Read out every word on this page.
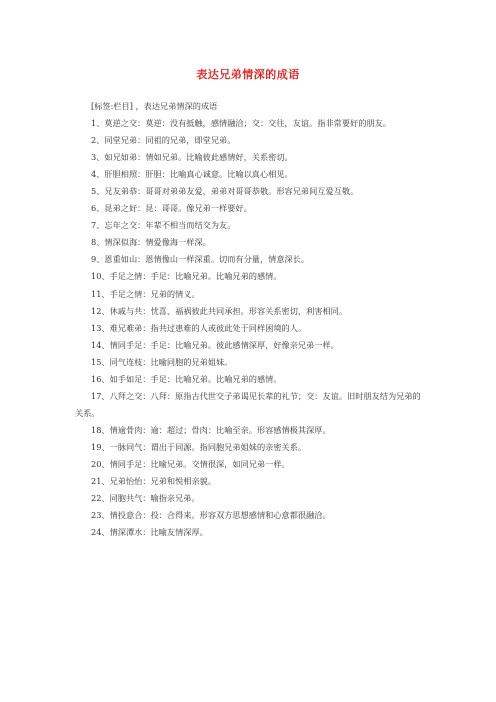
表达兄弟情深的成语

[标签:栏目] ，表达兄弟情深的成语

1、莫逆之交：莫逆：没有抵触，感情融洽；交：交往，友谊。指非常要好的朋友。

2、同堂兄弟：同祖的兄弟，即堂兄弟。

3、如兄如弟：情如兄弟。比喻彼此感情好，关系密切。

4、肝胆相照：肝胆：比喻真心诚意。比喻以真心相见。

5、兄友弟恭：哥哥对弟弟友爱，弟弟对哥哥恭敬。形容兄弟间互爱互敬。

6、昆弟之好：昆：哥哥。像兄弟一样要好。

7、忘年之交：年辈不相当而结交为友。

8、情深似海：情爱像海一样深。

9、恩重如山：恩情像山一样深重。切而有分量，情意深长。

10、手足之情：手足：比喻兄弟。比喻兄弟的感情。

11、手足之情：兄弟的情义。

12、休戚与共：忧喜、福祸彼此共同承担。形容关系密切，利害相同。

13、难兄难弟：指共过患难的人或彼此处于同样困境的人。

14、情同手足：手足：比喻兄弟。彼此感情深厚，好像亲兄弟一样。

15、同气连枝：比喻同胞的兄弟姐妹。

16、如手如足：手足：比喻兄弟。比喻兄弟的感情。

17、八拜之交：八拜：原指古代世交子弟谒见长辈的礼节；交：友谊。旧时朋友结为兄弟的关系。

18、情逾骨肉：逾：超过；骨肉：比喻至亲。形容感情极其深厚。

19、一脉同气：谓出于同源。指同胞兄弟姐妹的亲密关系。

20、情同手足：比喻兄弟。交情很深，如同兄弟一样。

21、兄弟怡怡：兄弟和悦相亲貌。

22、同胞共气：喻指亲兄弟。

23、情投意合：投：合得来。形容双方思想感情和心意都很融洽。

24、情深潭水：比喻友情深厚。
